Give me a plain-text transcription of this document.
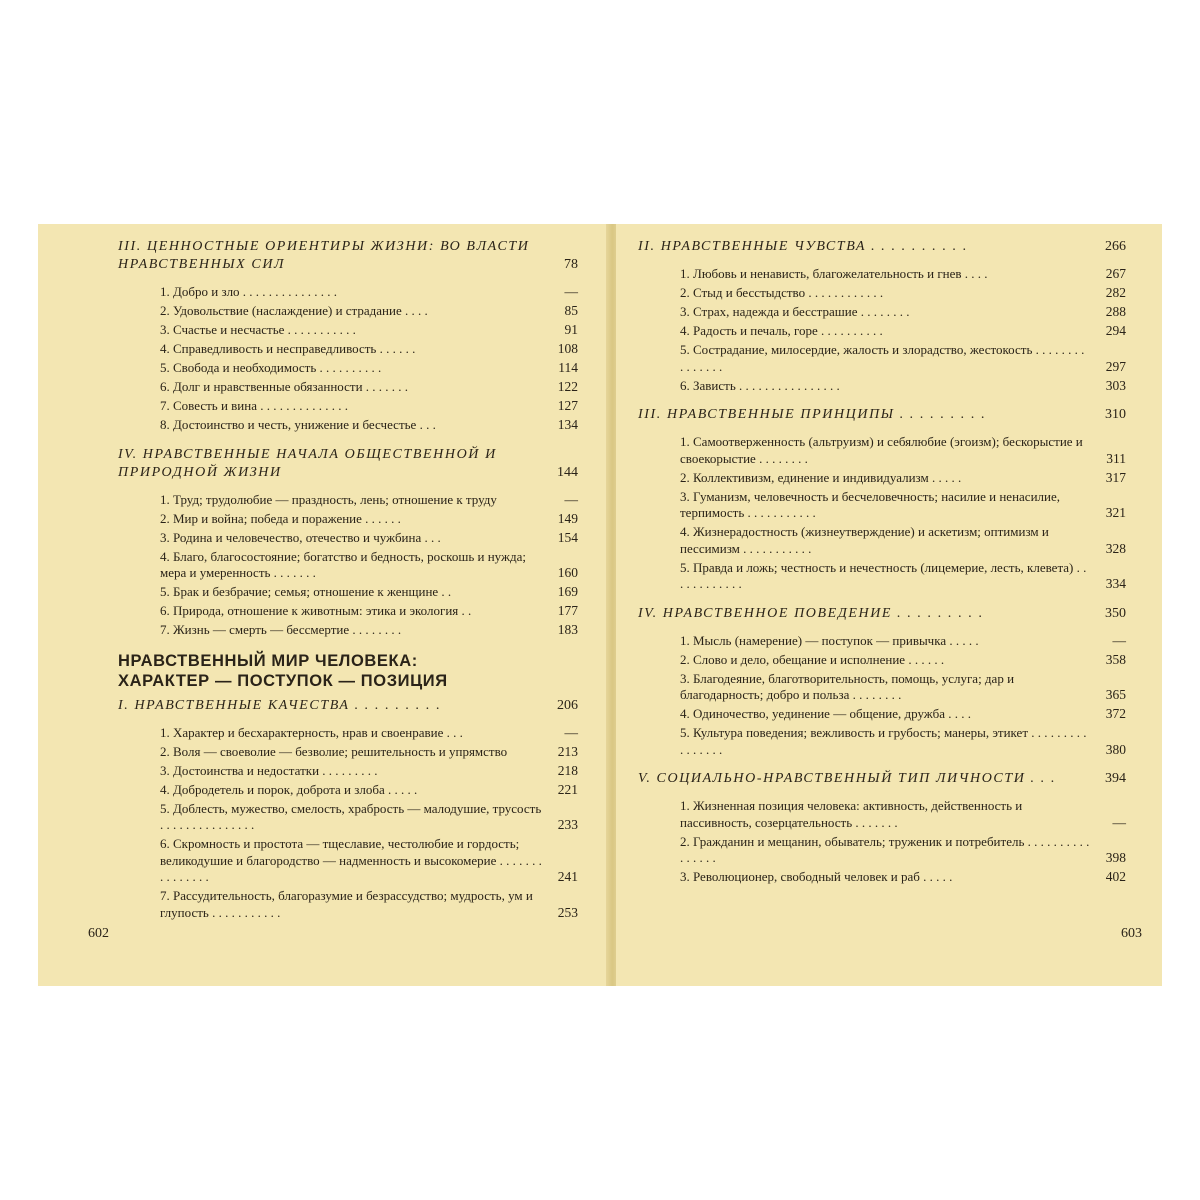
III. ЦЕННОСТНЫЕ ОРИЕНТИРЫ ЖИЗНИ: ВО ВЛАСТИ НРАВСТВЕННЫХ СИЛ	78
1. Добро и зло . . . . . . . . . . . . . . .	—
2. Удовольствие (наслаждение) и страдание . . . .	85
3. Счастье и несчастье . . . . . . . . . . .	91
4. Справедливость и несправедливость . . . . . .	108
5. Свобода и необходимость . . . . . . . . . .	114
6. Долг и нравственные обязанности . . . . . . .	122
7. Совесть и вина . . . . . . . . . . . . . .	127
8. Достоинство и честь, унижение и бесчестье . . .	134
IV. НРАВСТВЕННЫЕ НАЧАЛА ОБЩЕСТВЕННОЙ И ПРИРОДНОЙ ЖИЗНИ	144
1. Труд; трудолюбие — праздность, лень; отношение к труду	—
2. Мир и война; победа и поражение . . . . . .	149
3. Родина и человечество, отечество и чужбина . . .	154
4. Благо, благосостояние; богатство и бедность, роскошь и нужда; мера и умеренность . . . . . . .	160
5. Брак и безбрачие; семья; отношение к женщине . .	169
6. Природа, отношение к животным: этика и экология . .	177
7. Жизнь — смерть — бессмертие . . . . . . . .	183
НРАВСТВЕННЫЙ МИР ЧЕЛОВЕКА:
ХАРАКТЕР — ПОСТУПОК — ПОЗИЦИЯ
I. НРАВСТВЕННЫЕ КАЧЕСТВА . . . . . . . . .	206
1. Характер и бесхарактерность, нрав и своенравие . . .	—
2. Воля — своеволие — безволие; решительность и упрямство	213
3. Достоинства и недостатки . . . . . . . . .	218
4. Добродетель и порок, доброта и злоба . . . . .	221
5. Доблесть, мужество, смелость, храбрость — малодушие, трусость . . . . . . . . . . . . . . .	233
6. Скромность и простота — тщеславие, честолюбие и гордость; великодушие и благородство — надменность и высокомерие . . . . . . . . . . . . . . .	241
7. Рассудительность, благоразумие и безрассудство; мудрость, ум и глупость . . . . . . . . . . .	253
602
II. НРАВСТВЕННЫЕ ЧУВСТВА . . . . . . . . . .	266
1. Любовь и ненависть, благожелательность и гнев . . . .	267
2. Стыд и бесстыдство . . . . . . . . . . . .	282
3. Страх, надежда и бесстрашие . . . . . . . .	288
4. Радость и печаль, горе . . . . . . . . . .	294
5. Сострадание, милосердие, жалость и злорадство, жестокость . . . . . . . . . . . . . . .	297
6. Зависть . . . . . . . . . . . . . . . .	303
III. НРАВСТВЕННЫЕ ПРИНЦИПЫ . . . . . . . . .	310
1. Самоотверженность (альтруизм) и себялюбие (эгоизм); бескорыстие и своекорыстие . . . . . . . .	311
2. Коллективизм, единение и индивидуализм . . . . .	317
3. Гуманизм, человечность и бесчеловечность; насилие и ненасилие, терпимость . . . . . . . . . . .	321
4. Жизнерадостность (жизнеутверждение) и аскетизм; оптимизм и пессимизм . . . . . . . . . . .	328
5. Правда и ложь; честность и нечестность (лицемерие, лесть, клевета) . . . . . . . . . . . .	334
IV. НРАВСТВЕННОЕ ПОВЕДЕНИЕ . . . . . . . . .	350
1. Мысль (намерение) — поступок — привычка . . . . .	—
2. Слово и дело, обещание и исполнение . . . . . .	358
3. Благодеяние, благотворительность, помощь, услуга; дар и благодарность; добро и польза . . . . . . . .	365
4. Одиночество, уединение — общение, дружба . . . .	372
5. Культура поведения; вежливость и грубость; манеры, этикет . . . . . . . . . . . . . . . .	380
V. СОЦИАЛЬНО-НРАВСТВЕННЫЙ ТИП ЛИЧНОСТИ . . .	394
1. Жизненная позиция человека: активность, действенность и пассивность, созерцательность . . . . . . .	—
2. Гражданин и мещанин, обыватель; труженик и потребитель . . . . . . . . . . . . . . . .	398
3. Революционер, свободный человек и раб . . . . .	402
603
